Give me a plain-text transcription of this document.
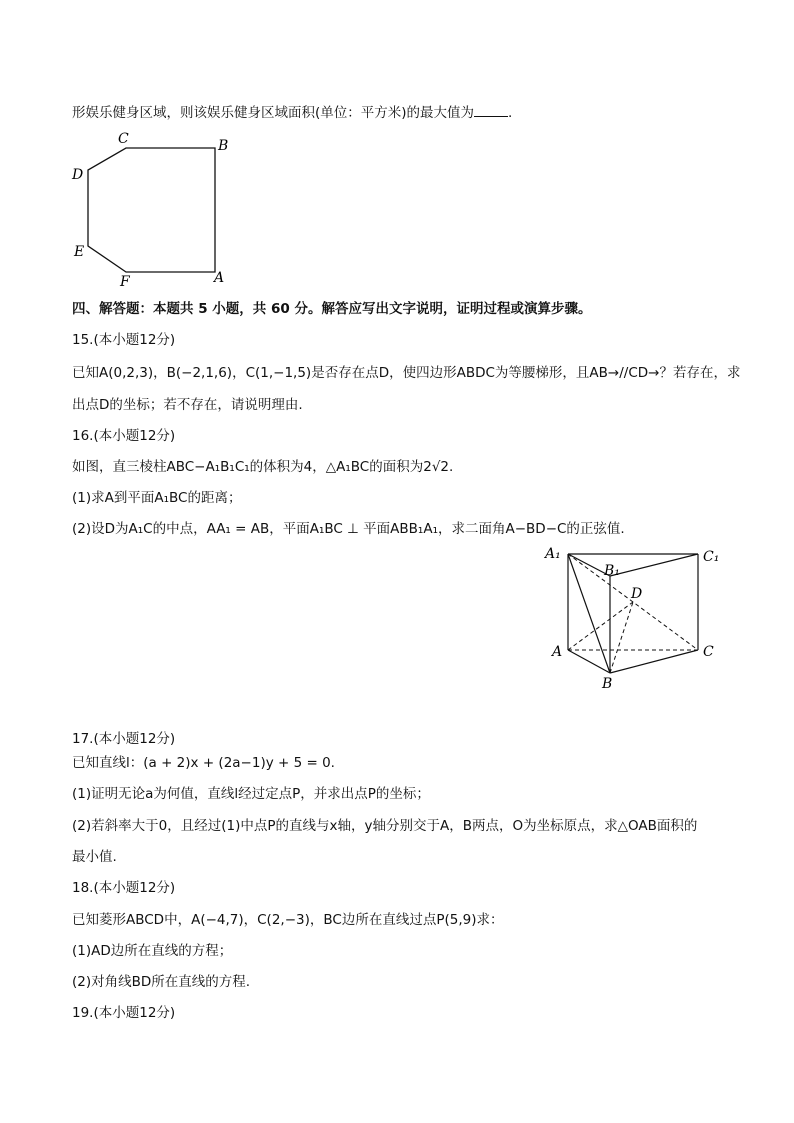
形娱乐健身区域，则该娱乐健身区域面积(单位：平方米)的最大值为	.
C	B
D
E
F	A
四、解答题：本题共 5 小题，共 60 分。解答应写出文字说明，证明过程或演算步骤。
15.(本小题12分)
已知A(0,2,3)，B(−2,1,6)，C(1,−1,5)是否存在点D，使四边形ABDC为等腰梯形，且AB→//CD→？若存在，求
出点D的坐标；若不存在，请说明理由.
16.(本小题12分)
如图，直三棱柱ABC−A₁B₁C₁的体积为4，△A₁BC的面积为2√2.
(1)求A到平面A₁BC的距离；
(2)设D为A₁C的中点，AA₁ = AB，平面A₁BC ⊥ 平面ABB₁A₁，求二面角A−BD−C的正弦值.
A₁
B₁
C₁
D
A	C
B
17.(本小题12分)
已知直线l：(a + 2)x + (2a−1)y + 5 = 0.
(1)证明无论a为何值，直线l经过定点P，并求出点P的坐标；
(2)若斜率大于0，且经过(1)中点P的直线与x轴，y轴分别交于A，B两点，O为坐标原点，求△OAB面积的
最小值.
18.(本小题12分)
已知菱形ABCD中，A(−4,7)，C(2,−3)，BC边所在直线过点P(5,9)求：
(1)AD边所在直线的方程；
(2)对角线BD所在直线的方程.
19.(本小题12分)
